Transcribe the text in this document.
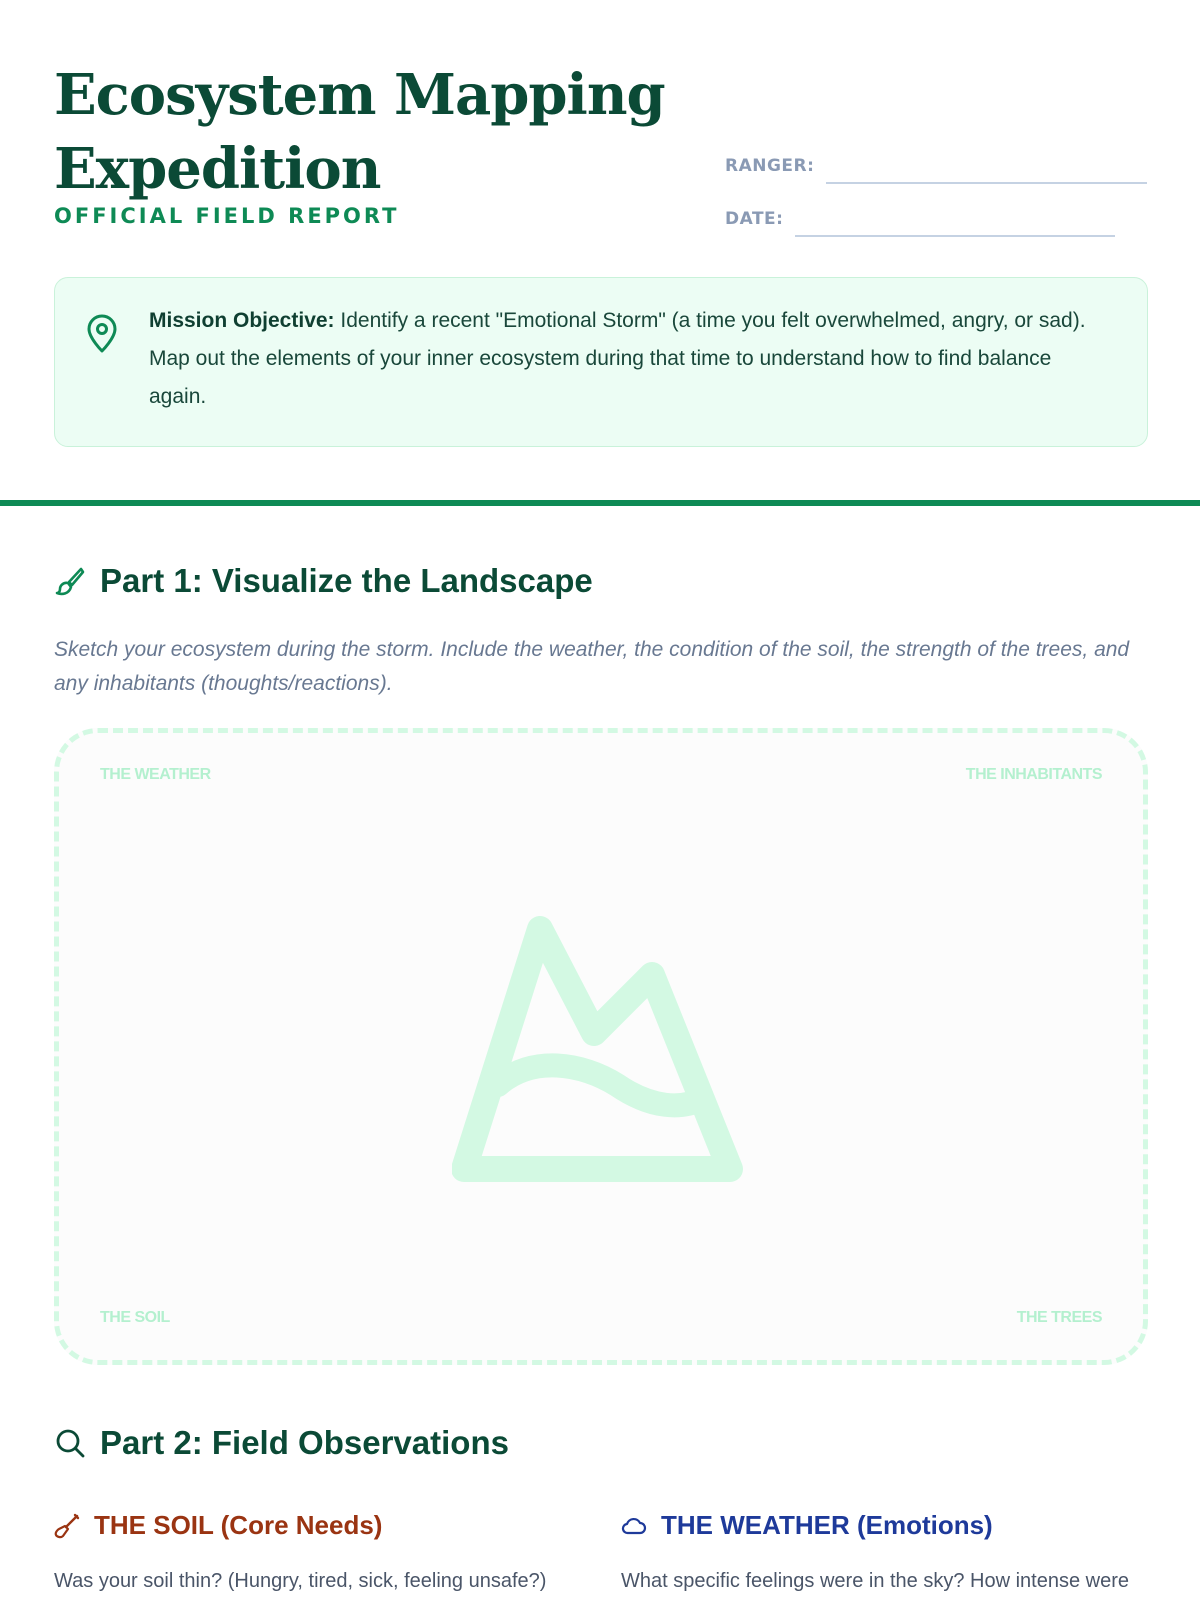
Ecosystem Mapping Expedition
OFFICIAL FIELD REPORT
RANGER:
DATE:

Mission Objective: Identify a recent "Emotional Storm" (a time you felt overwhelmed, angry, or sad). Map out the elements of your inner ecosystem during that time to understand how to find balance again.

Part 1: Visualize the Landscape

Sketch your ecosystem during the storm. Include the weather, the condition of the soil, the strength of the trees, and any inhabitants (thoughts/reactions).

THE WEATHER	THE INHABITANTS
THE SOIL	THE TREES
Part 2: Field Observations
THE SOIL (Core Needs)	THE WEATHER (Emotions)

Was your soil thin? (Hungry, tired, sick, feeling unsafe?)	What specific feelings were in the sky? How intense were
